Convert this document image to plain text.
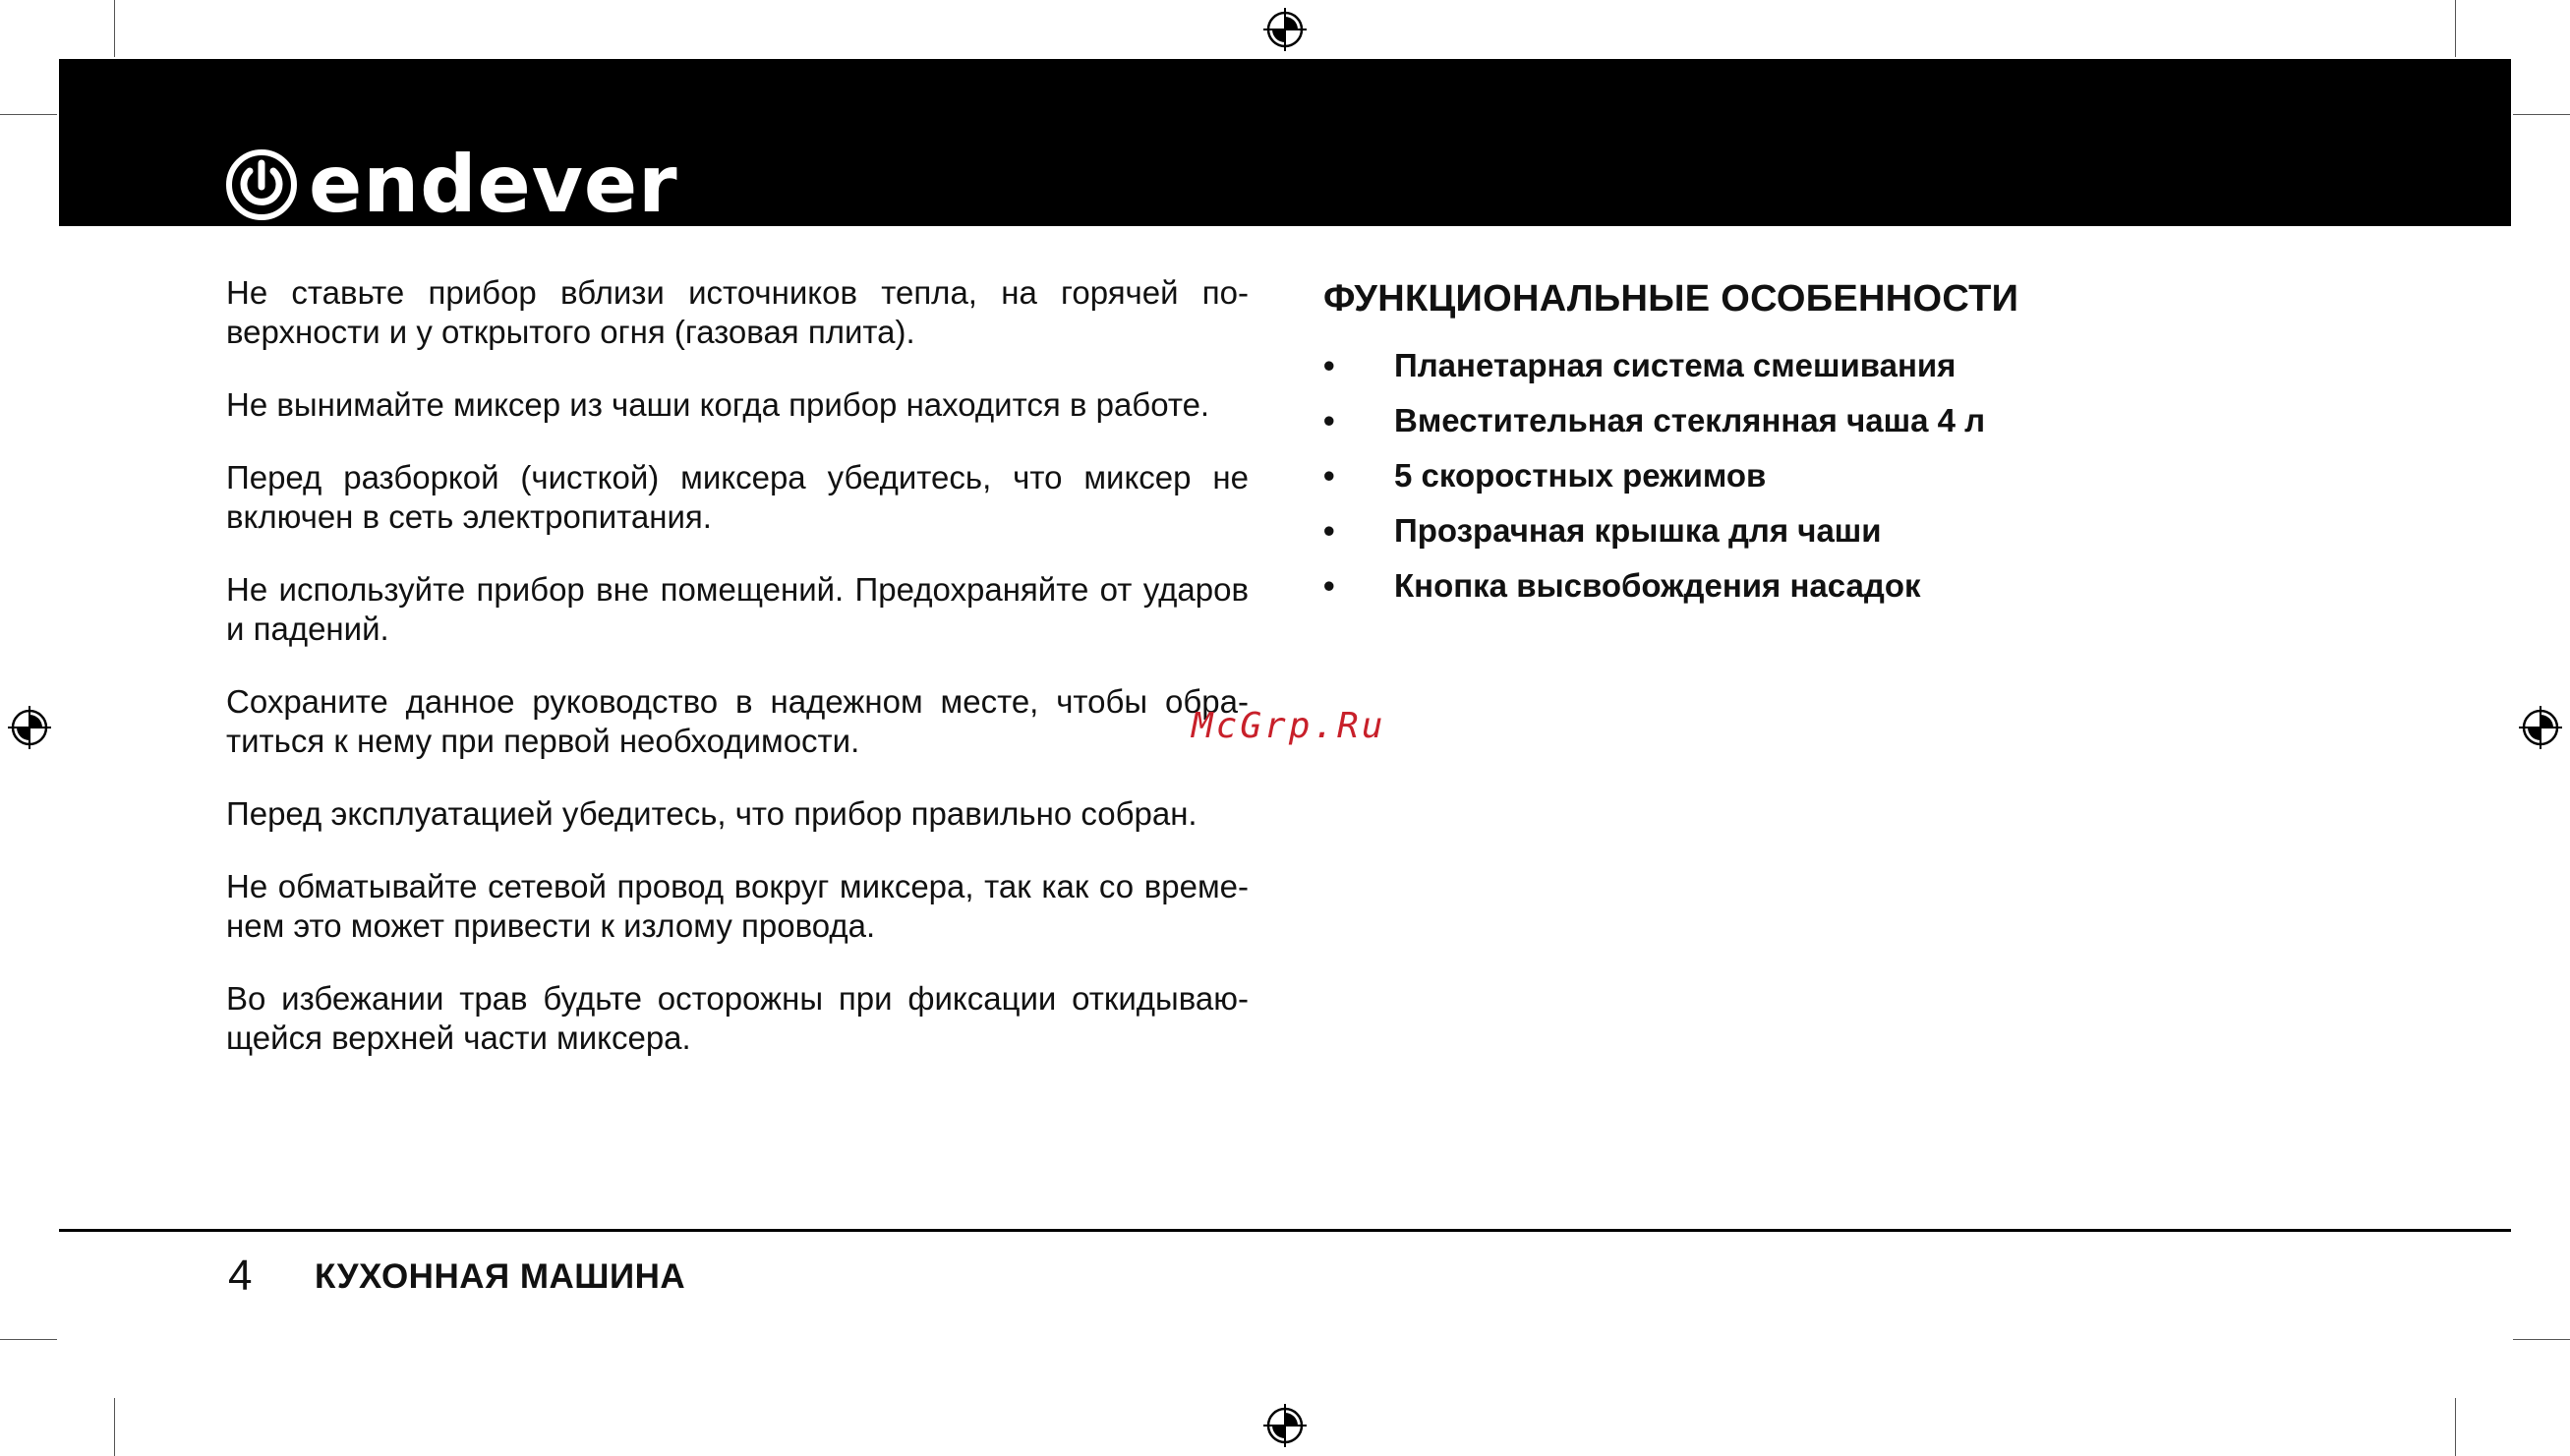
endever

Не ставьте прибор вблизи источников тепла, на горячей по-верхности и у открытого огня (газовая плита).

Не вынимайте миксер из чаши когда прибор находится в работе.

Перед разборкой (чисткой) миксера убедитесь, что миксер не включен в сеть электропитания.

Не используйте прибор вне помещений. Предохраняйте от ударов и падений.

Сохраните данное руководство в надежном месте, чтобы обра-титься к нему при первой необходимости.

Перед эксплуатацией убедитесь, что прибор правильно собран.

Не обматывайте сетевой провод вокруг миксера, так как со време-нем это может привести к излому провода.

Во избежании трав будьте осторожны при фиксации откидываю-щейся верхней части миксера.

ФУНКЦИОНАЛЬНЫЕ ОСОБЕННОСТИ
• Планетарная система смешивания
• Вместительная стеклянная чаша 4 л
• 5 скоростных режимов
• Прозрачная крышка для чаши
• Кнопка высвобождения насадок
McGrp.Ru
4 КУХОННАЯ МАШИНА
